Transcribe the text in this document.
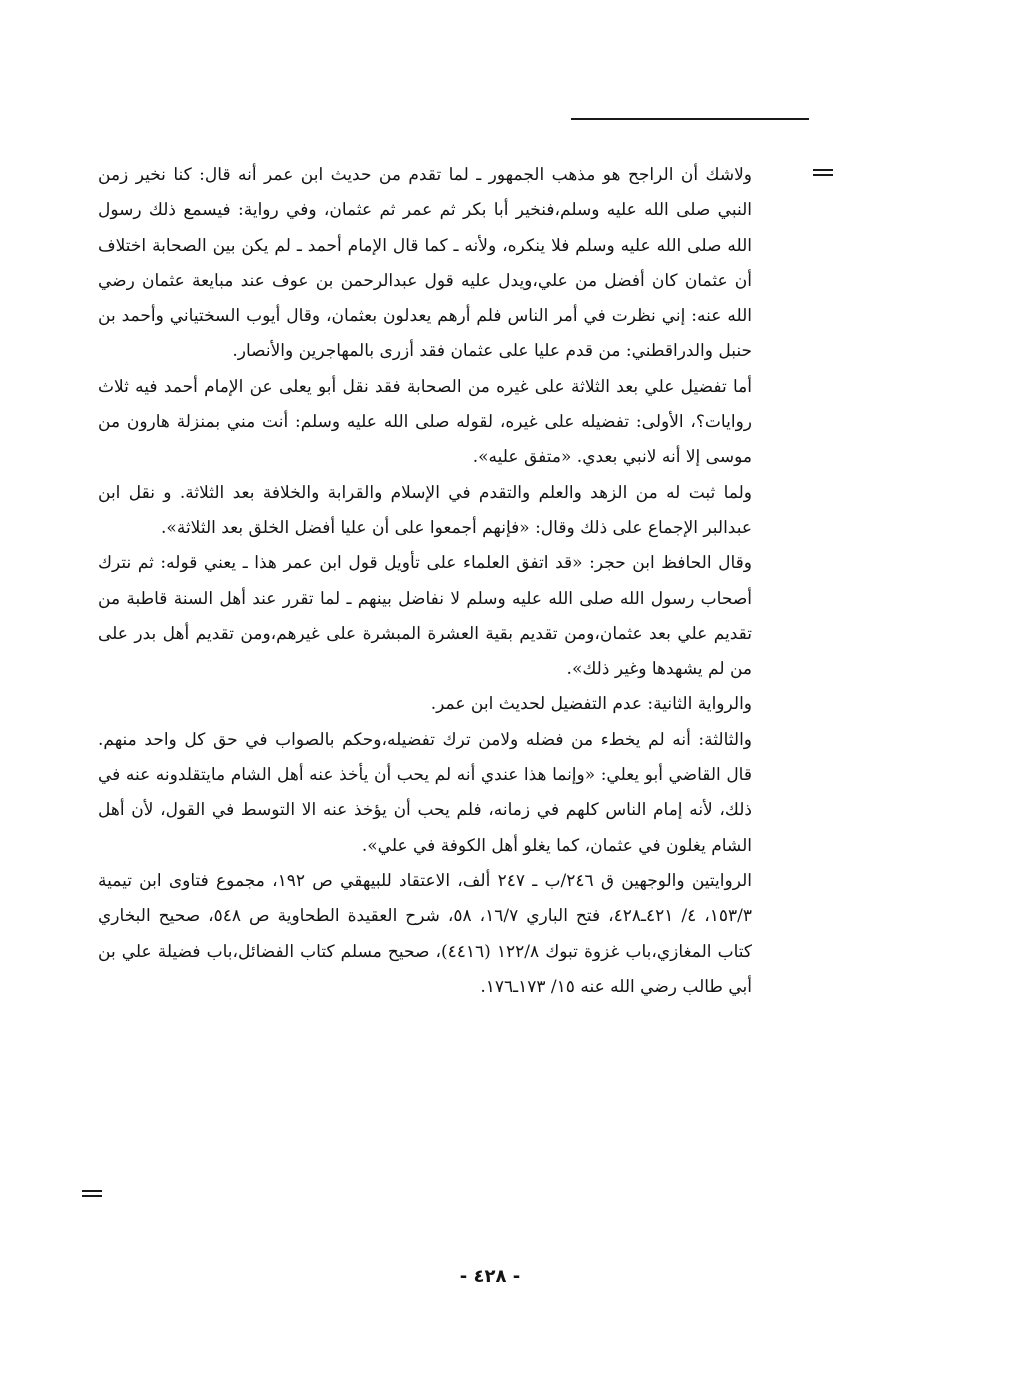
ولاشك أن الراجح هو مذهب الجمهور ـ لما تقدم من حديث ابن عمر أنه قال: كنا نخير زمن النبي صلى الله عليه وسلم،فنخير أبا بكر ثم عمر ثم عثمان، وفي رواية: فيسمع ذلك رسول الله صلى الله عليه وسلم فلا ينكره، ولأنه ـ كما قال الإمام أحمد ـ لم يكن بين الصحابة اختلاف أن عثمان كان أفضل من علي،ويدل عليه قول عبدالرحمن بن عوف عند مبايعة عثمان رضي الله عنه: إني نظرت في أمر الناس فلم أرهم يعدلون بعثمان، وقال أيوب السختياني وأحمد بن حنبل والدراقطني: من قدم عليا على عثمان فقد أزرى بالمهاجرين والأنصار.

أما تفضيل علي بعد الثلاثة على غيره من الصحابة فقد نقل أبو يعلى عن الإمام أحمد فيه ثلاث روايات؟، الأولى: تفضيله على غيره، لقوله صلى الله عليه وسلم: أنت مني بمنزلة هارون من موسى إلا أنه لانبي بعدي. «متفق عليه».

ولما ثبت له من الزهد والعلم والتقدم في الإسلام والقرابة والخلافة بعد الثلاثة. و نقل ابن عبدالبر الإجماع على ذلك وقال: «فإنهم أجمعوا على أن عليا أفضل الخلق بعد الثلاثة».

وقال الحافظ ابن حجر: «قد اتفق العلماء على تأويل قول ابن عمر هذا ـ يعني قوله: ثم نترك أصحاب رسول الله صلى الله عليه وسلم لا نفاضل بينهم ـ لما تقرر عند أهل السنة قاطبة من تقديم علي بعد عثمان،ومن تقديم بقية العشرة المبشرة على غيرهم،ومن تقديم أهل بدر على من لم يشهدها وغير ذلك».

والرواية الثانية: عدم التفضيل لحديث ابن عمر.

والثالثة: أنه لم يخطء من فضله ولامن ترك تفضيله،وحكم بالصواب في حق كل واحد منهم. قال القاضي أبو يعلي: «وإنما هذا عندي أنه لم يحب أن يأخذ عنه أهل الشام مايتقلدونه عنه في ذلك، لأنه إمام الناس كلهم في زمانه، فلم يحب أن يؤخذ عنه الا التوسط في القول، لأن أهل الشام يغلون في عثمان، كما يغلو أهل الكوفة في علي».

الروايتين والوجهين ق ٢٤٦/ب ـ ٢٤٧ ألف، الاعتقاد للبيهقي ص ١٩٢، مجموع فتاوى ابن تيمية ١٥٣/٣، ٤/ ٤٢١ـ٤٢٨، فتح الباري ١٦/٧، ٥٨، شرح العقيدة الطحاوية ص ٥٤٨، صحيح البخاري كتاب المغازي،باب غزوة تبوك ١٢٢/٨ (٤٤١٦)، صحيح مسلم كتاب الفضائل،باب فضيلة علي بن أبي طالب رضي الله عنه ١٥/ ١٧٣ـ١٧٦.

- ٤٢٨ -
